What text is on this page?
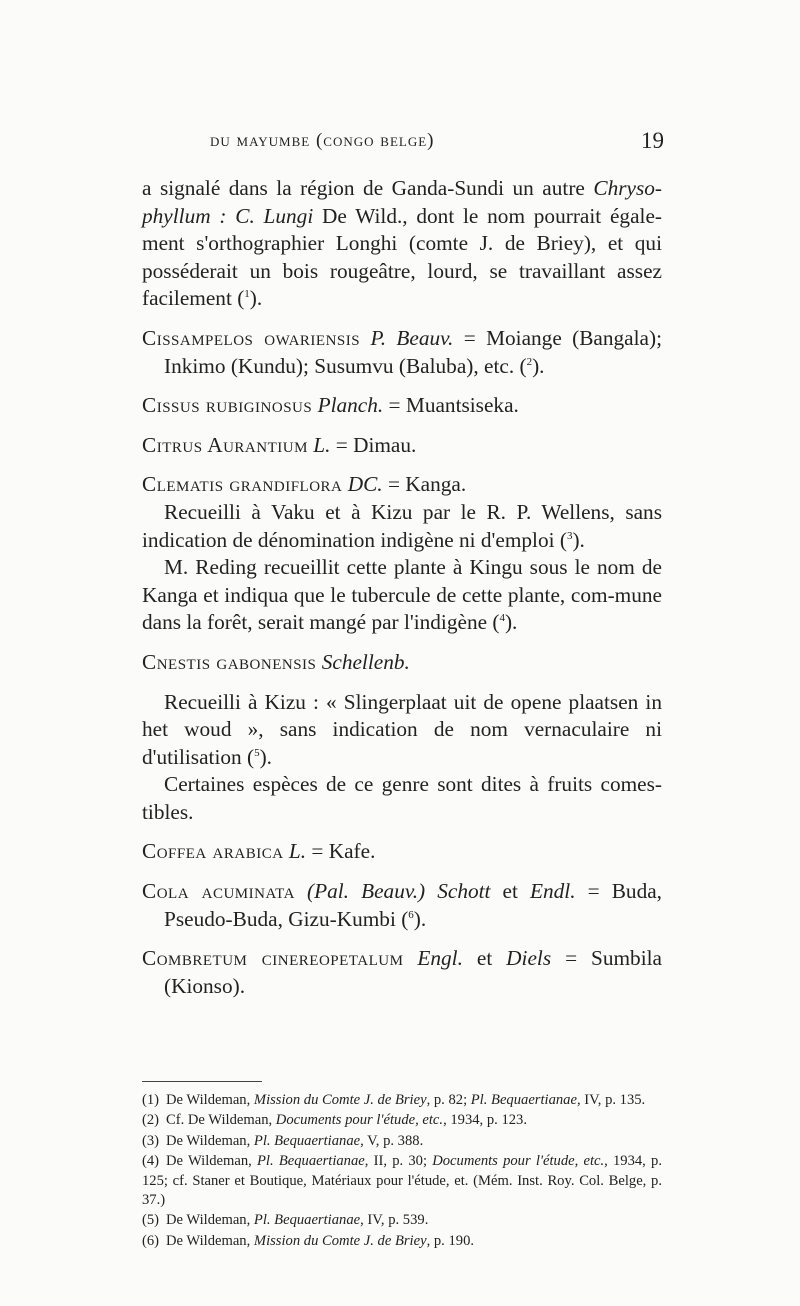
du mayumbe (congo belge)	19

a signalé dans la région de Ganda-Sundi un autre Chryso-phyllum : C. Lungi De Wild., dont le nom pourrait égale-ment s'orthographier Longhi (comte J. de Briey), et qui posséderait un bois rougeâtre, lourd, se travaillant assez facilement ($^1$).

Cissampelos owariensis P. Beauv. = Moiange (Bangala); Inkimo (Kundu); Susumvu (Baluba), etc. ($^2$).

Cissus rubiginosus Planch. = Muantsiseka.

Citrus Aurantium L. = Dimau.

Clematis grandiflora DC. = Kanga.

Recueilli à Vaku et à Kizu par le R. P. Wellens, sans indication de dénomination indigène ni d'emploi ($^3$).

M. Reding recueillit cette plante à Kingu sous le nom de Kanga et indiqua que le tubercule de cette plante, com-mune dans la forêt, serait mangé par l'indigène ($^4$).

Cnestis gabonensis Schellenb.

Recueilli à Kizu : « Slingerplaat uit de opene plaatsen in het woud », sans indication de nom vernaculaire ni d'utilisation ($^5$).

Certaines espèces de ce genre sont dites à fruits comes-tibles.

Coffea arabica L. = Kafe.

Cola acuminata (Pal. Beauv.) Schott et Endl. = Buda, Pseudo-Buda, Gizu-Kumbi ($^6$).

Combretum cinereopetalum Engl. et Diels = Sumbila (Kionso).

(1) De Wildeman, Mission du Comte J. de Briey, p. 82; Pl. Bequaertianae, IV, p. 135.

(2) Cf. De Wildeman, Documents pour l'étude, etc., 1934, p. 123.

(3) De Wildeman, Pl. Bequaertianae, V, p. 388.

(4) De Wildeman, Pl. Bequaertianae, II, p. 30; Documents pour l'étude, etc., 1934, p. 125; cf. Staner et Boutique, Matériaux pour l'étude, et. (Mém. Inst. Roy. Col. Belge, p. 37.)

(5) De Wildeman, Pl. Bequaertianae, IV, p. 539.

(6) De Wildeman, Mission du Comte J. de Briey, p. 190.
